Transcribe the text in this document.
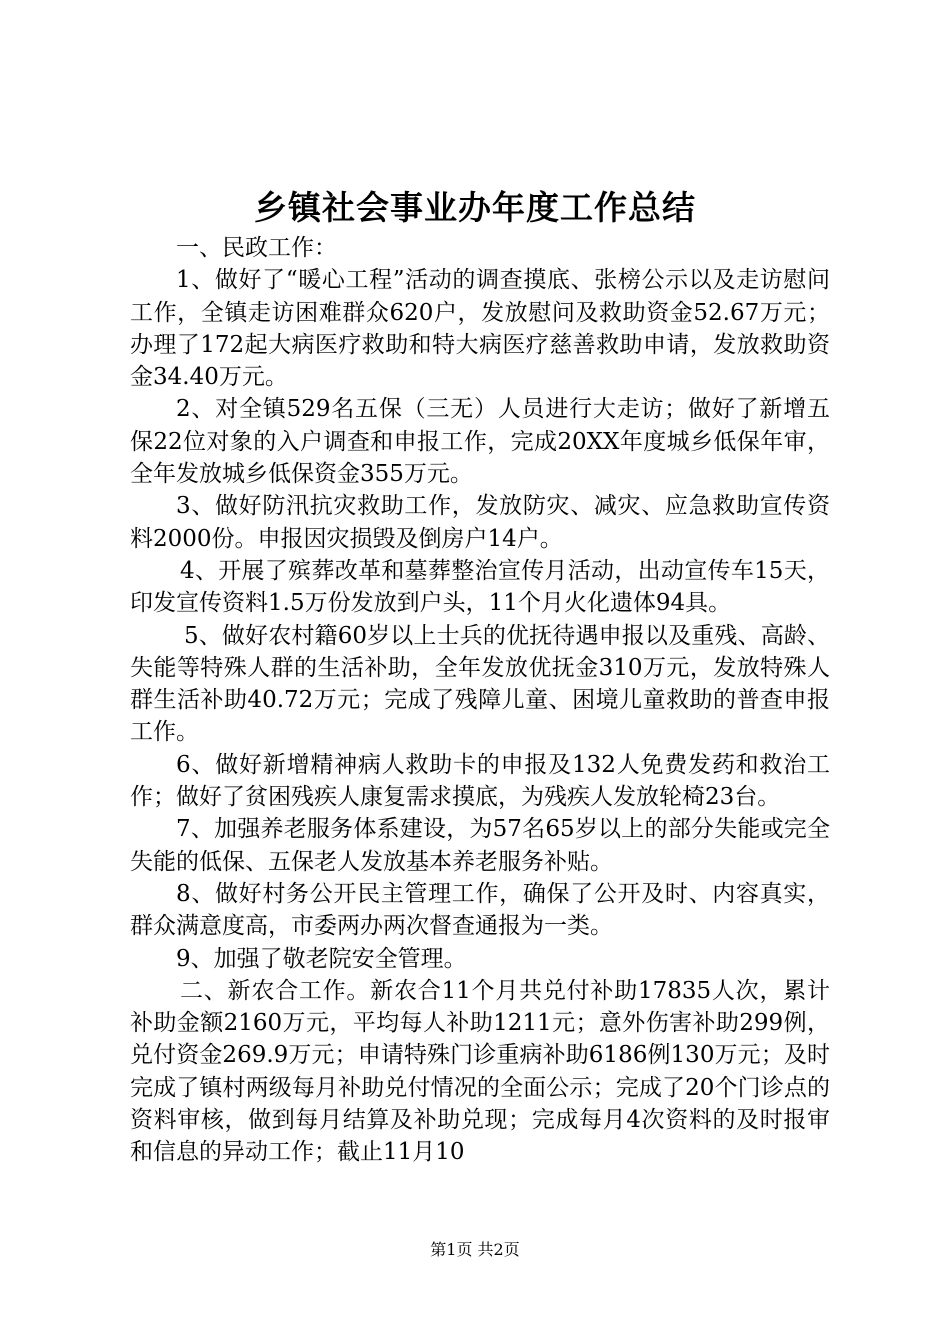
乡镇社会事业办年度工作总结

一、民政工作：

1、做好了“暖心工程”活动的调查摸底、张榜公示以及走访慰问工作，全镇走访困难群众620户，发放慰问及救助资金52.67万元；办理了172起大病医疗救助和特大病医疗慈善救助申请，发放救助资金34.40万元。

2、对全镇529名五保（三无）人员进行大走访；做好了新增五保22位对象的入户调查和申报工作，完成20XX年度城乡低保年审，全年发放城乡低保资金355万元。

3、做好防汛抗灾救助工作，发放防灾、减灾、应急救助宣传资料2000份。申报因灾损毁及倒房户14户。

4、开展了殡葬改革和墓葬整治宣传月活动，出动宣传车15天，印发宣传资料1.5万份发放到户头，11个月火化遗体94具。

5、做好农村籍60岁以上士兵的优抚待遇申报以及重残、高龄、失能等特殊人群的生活补助，全年发放优抚金310万元，发放特殊人群生活补助40.72万元；完成了残障儿童、困境儿童救助的普查申报工作。

6、做好新增精神病人救助卡的申报及132人免费发药和救治工作；做好了贫困残疾人康复需求摸底，为残疾人发放轮椅23台。

7、加强养老服务体系建设，为57名65岁以上的部分失能或完全失能的低保、五保老人发放基本养老服务补贴。

8、做好村务公开民主管理工作，确保了公开及时、内容真实，群众满意度高，市委两办两次督查通报为一类。

9、加强了敬老院安全管理。

二、新农合工作。新农合11个月共兑付补助17835人次，累计补助金额2160万元，平均每人补助1211元；意外伤害补助299例，兑付资金269.9万元；申请特殊门诊重病补助6186例130万元；及时完成了镇村两级每月补助兑付情况的全面公示；完成了20个门诊点的资料审核，做到每月结算及补助兑现；完成每月4次资料的及时报审和信息的异动工作；截止11月10

第1页 共2页
